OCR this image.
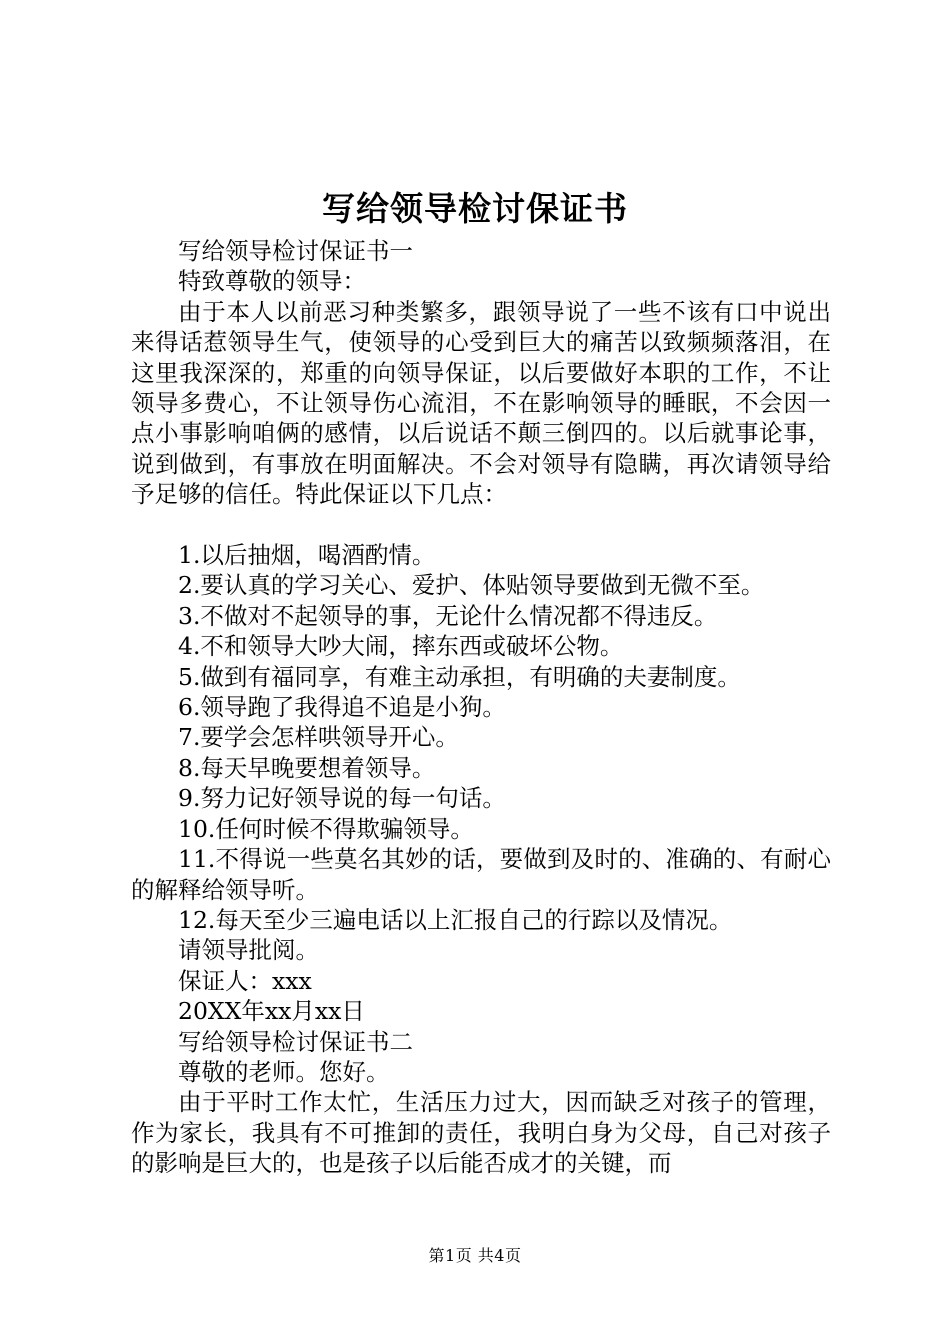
写给领导检讨保证书

写给领导检讨保证书一

特致尊敬的领导：

由于本人以前恶习种类繁多，跟领导说了一些不该有口中说出来得话惹领导生气，使领导的心受到巨大的痛苦以致频频落泪，在这里我深深的，郑重的向领导保证，以后要做好本职的工作，不让领导多费心，不让领导伤心流泪，不在影响领导的睡眠，不会因一点小事影响咱俩的感情，以后说话不颠三倒四的。以后就事论事，说到做到，有事放在明面解决。不会对领导有隐瞒，再次请领导给予足够的信任。特此保证以下几点：

1.以后抽烟，喝酒酌情。

2.要认真的学习关心、爱护、体贴领导要做到无微不至。

3.不做对不起领导的事，无论什么情况都不得违反。

4.不和领导大吵大闹，摔东西或破坏公物。

5.做到有福同享，有难主动承担，有明确的夫妻制度。

6.领导跑了我得追不追是小狗。

7.要学会怎样哄领导开心。

8.每天早晚要想着领导。

9.努力记好领导说的每一句话。

10.任何时候不得欺骗领导。

11.不得说一些莫名其妙的话，要做到及时的、准确的、有耐心的解释给领导听。

12.每天至少三遍电话以上汇报自己的行踪以及情况。

请领导批阅。

保证人：xxx

20XX年xx月xx日

写给领导检讨保证书二

尊敬的老师。您好。

由于平时工作太忙，生活压力过大，因而缺乏对孩子的管理，作为家长，我具有不可推卸的责任，我明白身为父母，自己对孩子的影响是巨大的，也是孩子以后能否成才的关键，而

第1页 共4页
